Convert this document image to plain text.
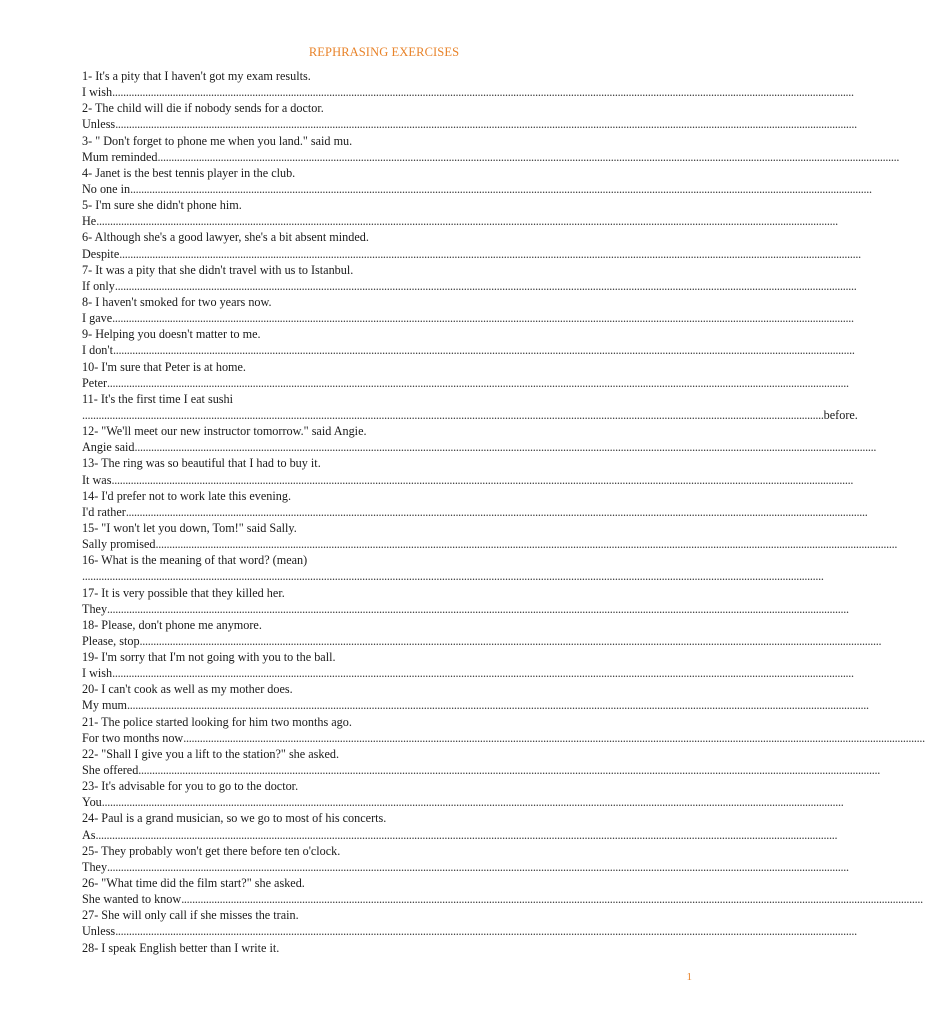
REPHRASING EXERCISES
1- It's a pity that I haven't got my exam results.
I wish ..............................................................................................................................................................................................................................................................................
2- The child will die if nobody sends for a doctor.
Unless ..............................................................................................................................................................................................................................................................................
3- " Don't forget to phone me when you land." said mu.
Mum reminded ..............................................................................................................................................................................................................................................................................
4- Janet is the best tennis player in the club.
No one in ..............................................................................................................................................................................................................................................................................
5- I'm sure she didn't phone him.
He ..............................................................................................................................................................................................................................................................................
6- Although she's a good lawyer, she's a bit absent minded.
Despite ..............................................................................................................................................................................................................................................................................
7- It was a pity that she didn't travel with us to Istanbul.
If only ..............................................................................................................................................................................................................................................................................
8- I haven't smoked for two years now.
I gave ..............................................................................................................................................................................................................................................................................
9- Helping you doesn't matter to me.
I don't ..............................................................................................................................................................................................................................................................................
10- I'm sure that Peter is at home.
Peter ..............................................................................................................................................................................................................................................................................
11- It's the first time I eat sushi
.............................................................................................................................................................................................................................................................................. before.
12- "We'll meet our new instructor tomorrow." said Angie.
Angie said ..............................................................................................................................................................................................................................................................................
13- The ring was so beautiful that I had to buy it.
It was ..............................................................................................................................................................................................................................................................................
14- I'd prefer not to work late this evening.
I'd rather ..............................................................................................................................................................................................................................................................................
15- "I won't let you down, Tom!" said Sally.
Sally promised ..............................................................................................................................................................................................................................................................................
16- What is the meaning of that word? (mean)
..............................................................................................................................................................................................................................................................................
17- It is very possible that they killed her.
They ..............................................................................................................................................................................................................................................................................
18- Please, don't phone me anymore.
Please, stop ..............................................................................................................................................................................................................................................................................
19- I'm sorry that I'm not going with you to the ball.
I wish ..............................................................................................................................................................................................................................................................................
20- I can't cook as well as my mother does.
My mum ..............................................................................................................................................................................................................................................................................
21- The police started looking for him two months ago.
For two months now ..............................................................................................................................................................................................................................................................................
22- "Shall I give you a lift to the station?" she asked.
She offered ..............................................................................................................................................................................................................................................................................
23- It's advisable for you to go to the doctor.
You ..............................................................................................................................................................................................................................................................................
24- Paul is a grand musician, so we go to most of his concerts.
As ..............................................................................................................................................................................................................................................................................
25- They probably won't get there before ten o'clock.
They ..............................................................................................................................................................................................................................................................................
26- "What time did the film start?" she asked.
She wanted to know ..............................................................................................................................................................................................................................................................................
27- She will only call if she misses the train.
Unless ..............................................................................................................................................................................................................................................................................
28- I speak English better than I write it.
1
